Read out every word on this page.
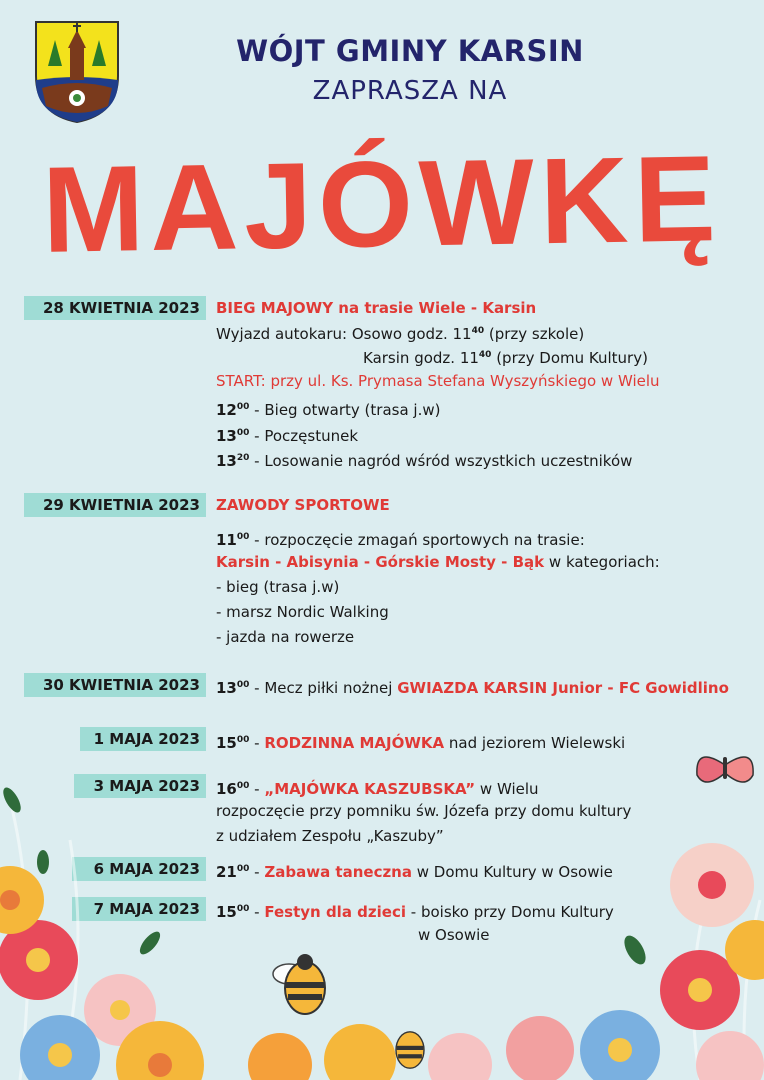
WÓJT GMINY KARSIN
ZAPRASZA NA
MAJÓWKĘ
28 KWIETNIA 2023	BIEG MAJOWY na trasie Wiele - Karsin
Wyjazd autokaru: Osowo godz. $11^{40}$ (przy szkole)
Karsin godz. $11^{40}$ (przy Domu Kultury)
START: przy ul. Ks. Prymasa Stefana Wyszyńskiego w Wielu
$12^{00}$ - Bieg otwarty (trasa j.w)
$13^{00}$ - Poczęstunek
$13^{20}$ - Losowanie nagród wśród wszystkich uczestników
29 KWIETNIA 2023	ZAWODY SPORTOWE
$11^{00}$ - rozpoczęcie zmagań sportowych na trasie:
Karsin - Abisynia - Górskie Mosty - Bąk w kategoriach:
- bieg (trasa j.w)
- marsz Nordic Walking
- jazda na rowerze
30 KWIETNIA 2023	$13^{00}$ - Mecz piłki nożnej GWIAZDA KARSIN Junior - FC Gowidlino
1 MAJA 2023	$15^{00}$ - RODZINNA MAJÓWKA nad jeziorem Wielewski
3 MAJA 2023	$16^{00}$ - „MAJÓWKA KASZUBSKA” w Wielu
rozpoczęcie przy pomniku św. Józefa przy domu kultury
z udziałem Zespołu „Kaszuby”
6 MAJA 2023	$21^{00}$ - Zabawa taneczna w Domu Kultury w Osowie
7 MAJA 2023	$15^{00}$ - Festyn dla dzieci - boisko przy Domu Kultury
w Osowie
